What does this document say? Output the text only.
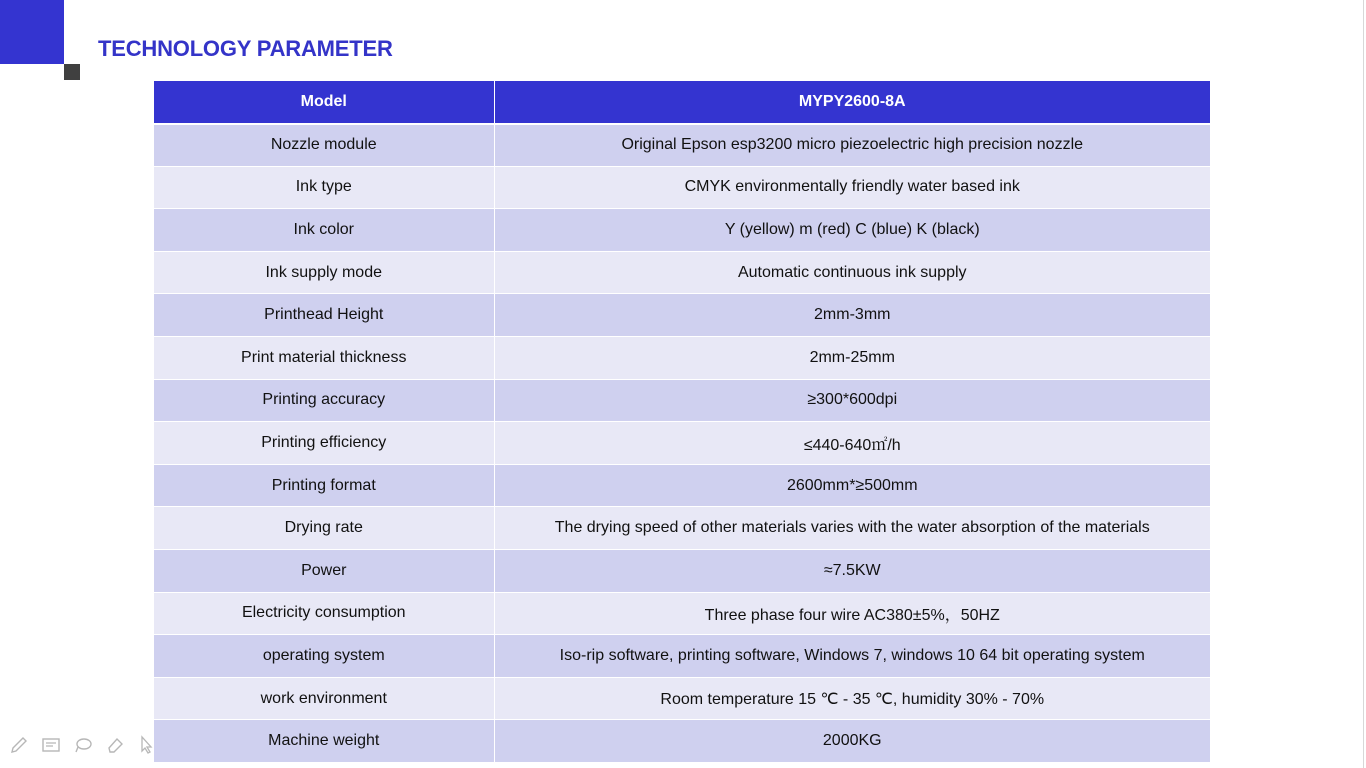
TECHNOLOGY PARAMETER
Model	MYPY2600-8A
Nozzle module	Original Epson esp3200 micro piezoelectric high precision nozzle
Ink type	CMYK environmentally friendly water based ink
Ink color	Y (yellow) m (red) C (blue) K (black)
Ink supply mode	Automatic continuous ink supply
Printhead Height	2mm-3mm
Print material thickness	2mm-25mm
Printing accuracy	≥300*600dpi
Printing efficiency	≤440-640㎡/h
Printing format	2600mm*≥500mm
Drying rate	The drying speed of other materials varies with the water absorption of the materials
Power	≈7.5KW
Electricity consumption	Three phase four wire AC380±5%，50HZ
operating system	Iso-rip software, printing software, Windows 7, windows 10 64 bit operating system
work environment	Room temperature 15 ℃ - 35 ℃, humidity 30% - 70%
Machine weight	2000KG
